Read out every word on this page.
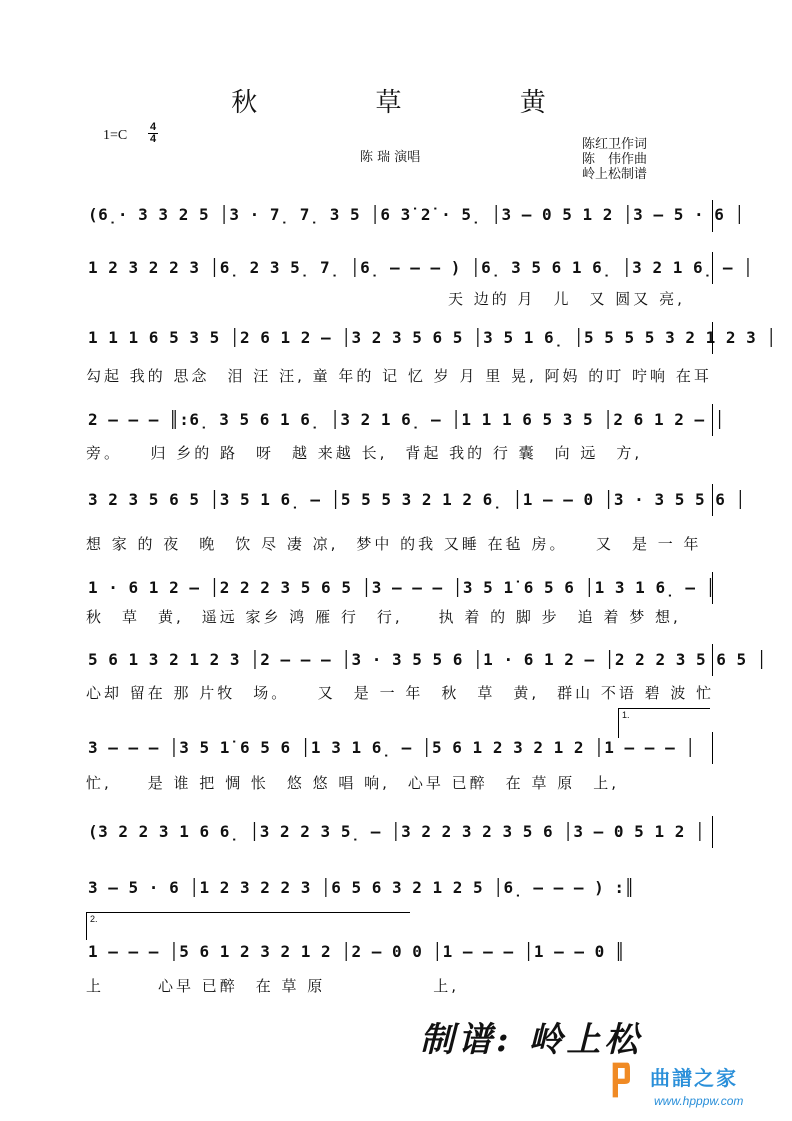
秋 草 黄
1=C
4
4
陈 瑞 演唱
陈红卫作词
陈　伟作曲
岭上松制谱
(6̣· 3 3 2 5 │3 · 7̣ 7̣ 3 5 │6 3̇ 2̇ · 5̣ │3 – 0 5 1 2 │3 – 5 · 6 │
1 2 3 2 2 3 │6̣ 2 3 5̣ 7̣ │6̣ – – – ) │6̣ 3 5 6 1 6̣ │3 2 1 6̣ – │
天 边的 月　儿　又 圆又 亮,
1 1 1 6 5 3 5 │2 6 1 2 – │3 2 3 5 6 5 │3 5 1 6̣ │5 5 5 5 3 2 1 2 3 │
勾起 我的 思念　泪 汪 汪, 童 年的 记 忆 岁 月 里 晃, 阿妈 的叮 咛响 在耳
2 – – – ║:6̣ 3 5 6 1 6̣ │3 2 1 6̣ – │1 1 1 6 5 3 5 │2 6 1 2 – │
旁。　　归 乡的 路　呀　越 来越 长,　背起 我的 行 囊　向 远　方,
3 2 3 5 6 5 │3 5 1 6̣ – │5 5 5 3 2 1 2 6̣ │1 – – 0 │3 · 3 5 5 6 │
想 家 的 夜　晚　饮 尽 凄 凉,　梦中 的我 又睡 在毡 房。　　又　是 一 年
1 · 6 1 2 – │2 2 2 3 5 6 5 │3 – – – │3 5 1̇ 6 5 6 │1 3 1 6̣ – │
秋　草　黄,　遥远 家乡 鸿 雁 行　行,　　执 着 的 脚 步　追 着 梦 想,
5 6 1 3 2 1 2 3 │2 – – – │3 · 3 5 5 6 │1 · 6 1 2 – │2 2 2 3 5 6 5 │
心却 留在 那 片牧　场。　　又　是 一 年　秋　草　黄,　群山 不语 碧 波 忙
1.
3 – – – │3 5 1̇ 6 5 6 │1 3 1 6̣ – │5 6 1 2 3 2 1 2 │1 – – – │
忙,　　是 谁 把 惆 怅　悠 悠 唱 响,　心早 已醉　在 草 原　上,
(3 2 2 3 1 6 6̣ │3 2 2 3 5̣ – │3 2 2 3 2 3 5 6 │3 – 0 5 1 2 │
3 – 5 · 6 │1 2 3 2 2 3 │6 5 6 3 2 1 2 5 │6̣ – – – ) :║
2.
1 – – – │5 6 1 2 3 2 1 2 │2 – 0 0 │1 – – – │1 – – 0 ║
上　　　心早 已醉　在 草 原　　　　　　上,
制谱: 岭上松
曲譜之家
www.hpppw.com
